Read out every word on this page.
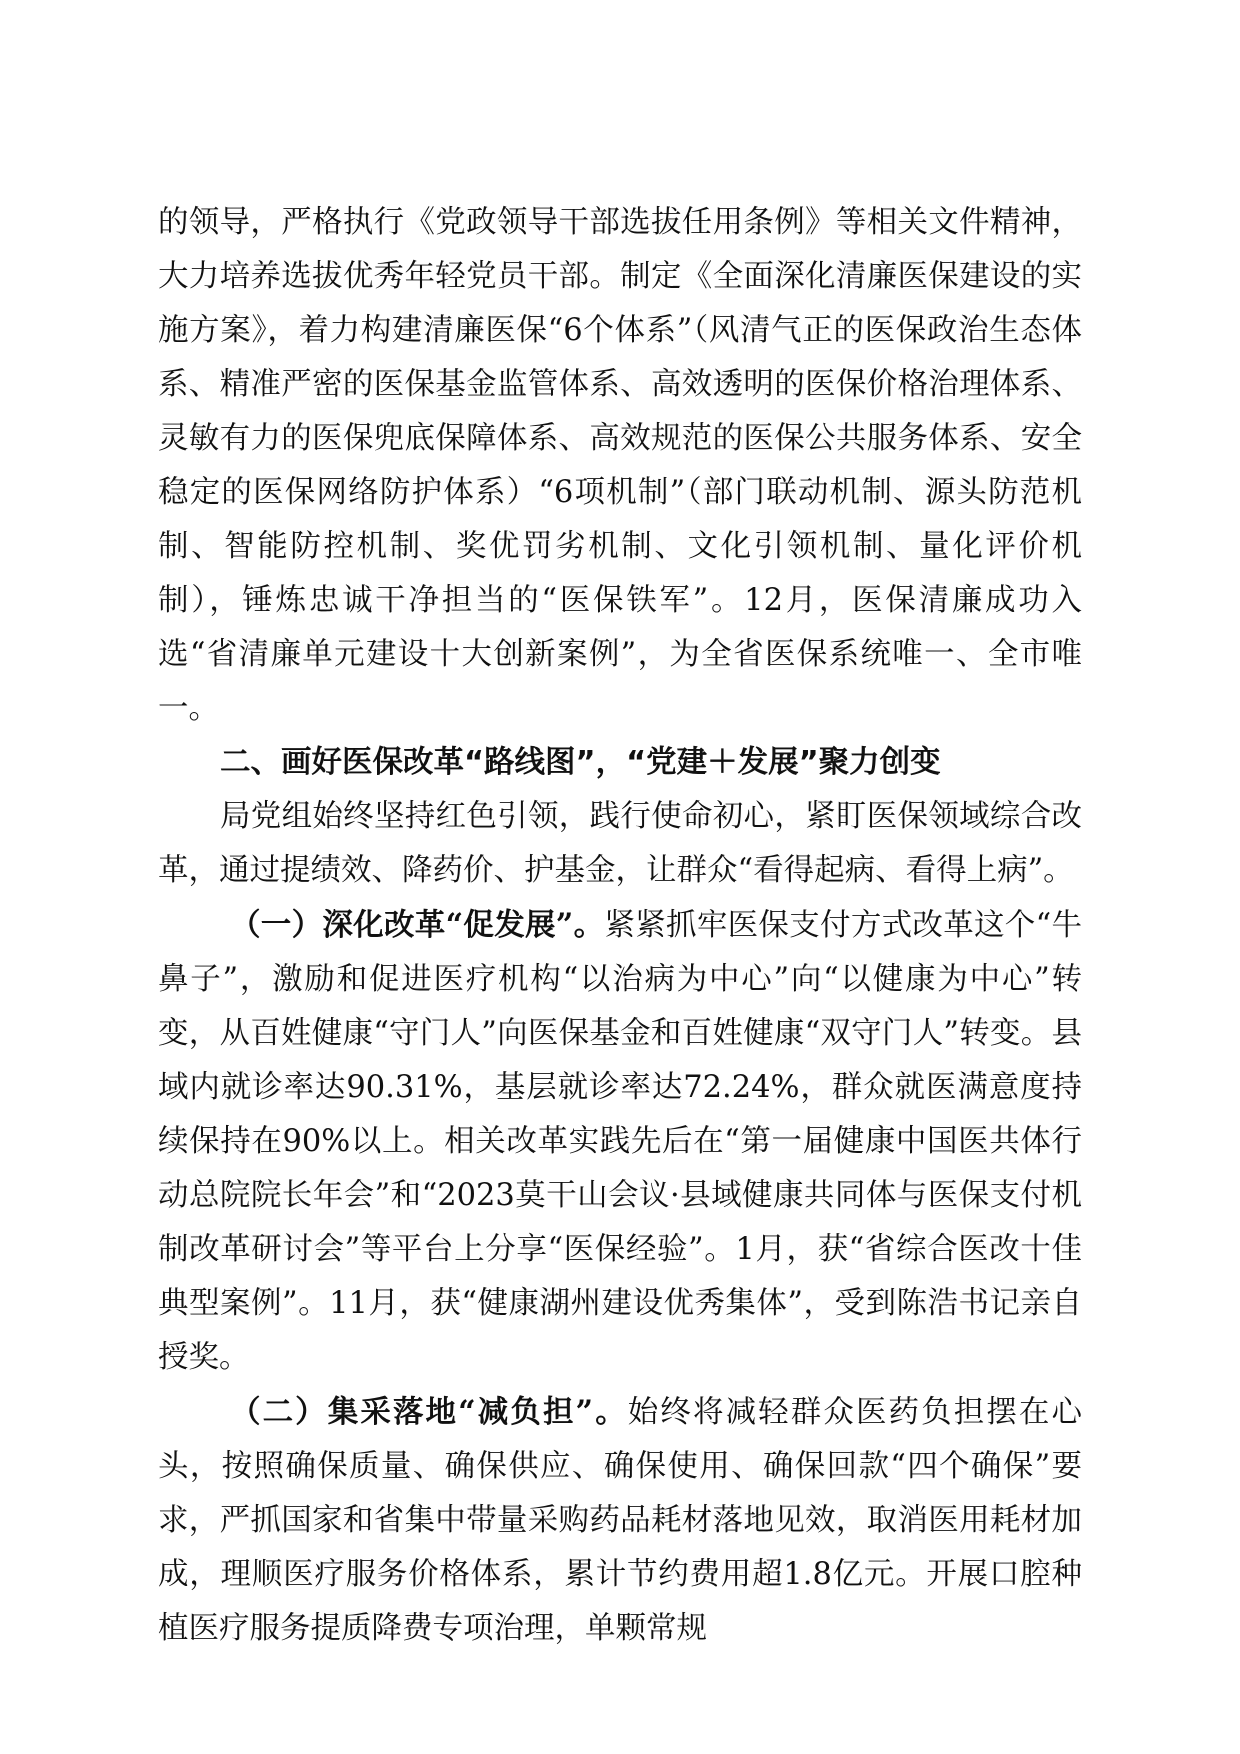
的领导，严格执行《党政领导干部选拔任用条例》等相关文件精神，大力培养选拔优秀年轻党员干部。制定《全面深化清廉医保建设的实施方案》，着力构建清廉医保“6个体系”（风清气正的医保政治生态体系、精准严密的医保基金监管体系、高效透明的医保价格治理体系、灵敏有力的医保兜底保障体系、高效规范的医保公共服务体系、安全稳定的医保网络防护体系）“6项机制”（部门联动机制、源头防范机制、智能防控机制、奖优罚劣机制、文化引领机制、量化评价机制），锤炼忠诚干净担当的“医保铁军”。12月，医保清廉成功入选“省清廉单元建设十大创新案例”，为全省医保系统唯一、全市唯一。

二、画好医保改革“路线图”，“党建＋发展”聚力创变

局党组始终坚持红色引领，践行使命初心，紧盯医保领域综合改革，通过提绩效、降药价、护基金，让群众“看得起病、看得上病”。

（一）深化改革“促发展”。紧紧抓牢医保支付方式改革这个“牛鼻子”，激励和促进医疗机构“以治病为中心”向“以健康为中心”转变，从百姓健康“守门人”向医保基金和百姓健康“双守门人”转变。县域内就诊率达90.31%，基层就诊率达72.24%，群众就医满意度持续保持在90%以上。相关改革实践先后在“第一届健康中国医共体行动总院院长年会”和“2023莫干山会议·县域健康共同体与医保支付机制改革研讨会”等平台上分享“医保经验”。1月，获“省综合医改十佳典型案例”。11月，获“健康湖州建设优秀集体”，受到陈浩书记亲自授奖。

（二）集采落地“减负担”。始终将减轻群众医药负担摆在心头，按照确保质量、确保供应、确保使用、确保回款“四个确保”要求，严抓国家和省集中带量采购药品耗材落地见效，取消医用耗材加成，理顺医疗服务价格体系，累计节约费用超1.8亿元。开展口腔种植医疗服务提质降费专项治理，单颗常规
